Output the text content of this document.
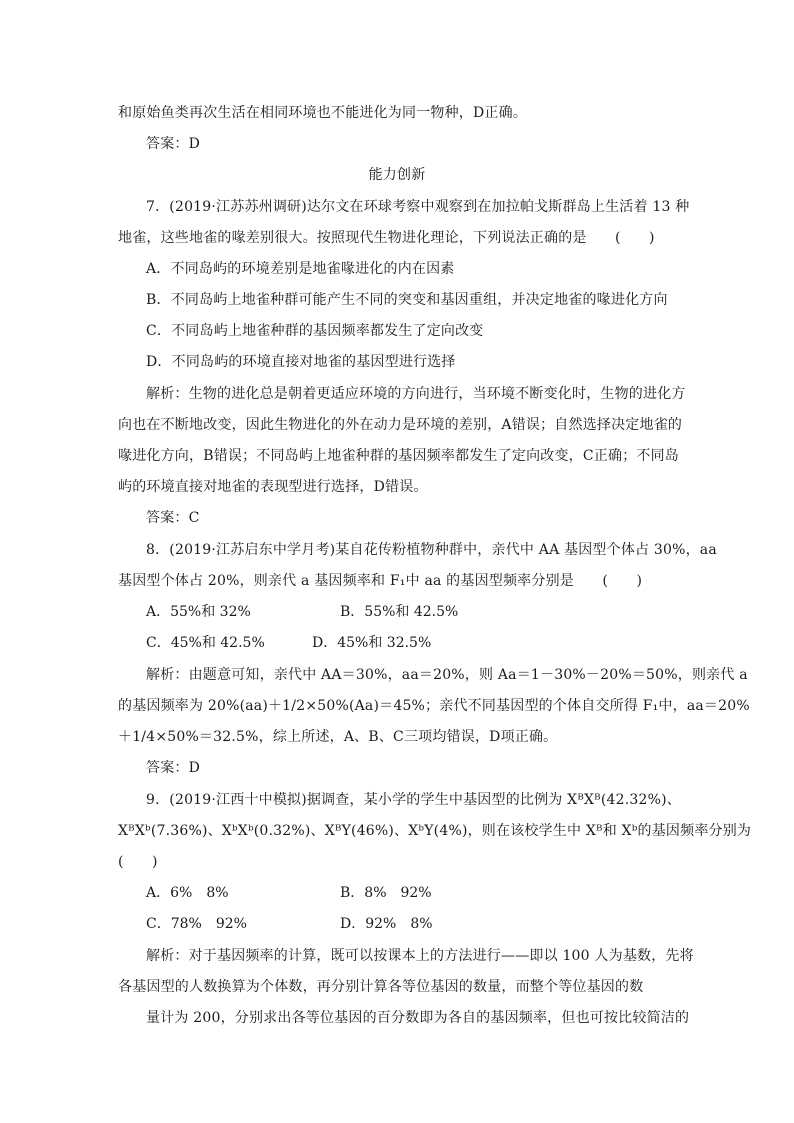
和原始鱼类再次生活在相同环境也不能进化为同一物种，D正确。
答案：D
能力创新
7．(2019·江苏苏州调研)达尔文在环球考察中观察到在加拉帕戈斯群岛上生活着 13 种
地雀，这些地雀的喙差别很大。按照现代生物进化理论，下列说法正确的是　　(　　)
A．不同岛屿的环境差别是地雀喙进化的内在因素
B．不同岛屿上地雀种群可能产生不同的突变和基因重组，并决定地雀的喙进化方向
C．不同岛屿上地雀种群的基因频率都发生了定向改变
D．不同岛屿的环境直接对地雀的基因型进行选择
解析：生物的进化总是朝着更适应环境的方向进行，当环境不断变化时，生物的进化方
向也在不断地改变，因此生物进化的外在动力是环境的差别，A错误；自然选择决定地雀的
喙进化方向，B错误；不同岛屿上地雀种群的基因频率都发生了定向改变，C正确；不同岛
屿的环境直接对地雀的表现型进行选择，D错误。
答案：C
8．(2019·江苏启东中学月考)某自花传粉植物种群中，亲代中 AA 基因型个体占 30%，aa
基因型个体占 20%，则亲代 a 基因频率和 F₁中 aa 的基因型频率分别是　　(　　)
A．55%和 32%	B．55%和 42.5%
C．45%和 42.5%	D．45%和 32.5%
解析：由题意可知，亲代中 AA＝30%，aa＝20%，则 Aa＝1－30%－20%＝50%，则亲代 a
的基因频率为 20%(aa)＋1/2×50%(Aa)＝45%；亲代不同基因型的个体自交所得 F₁中，aa＝20%
＋1/4×50%＝32.5%，综上所述，A、B、C三项均错误，D项正确。
答案：D
9．(2019·江西十中模拟)据调查，某小学的学生中基因型的比例为 XᴮXᴮ(42.32%)、
XᴮXᵇ(7.36%)、XᵇXᵇ(0.32%)、XᴮY(46%)、XᵇY(4%)，则在该校学生中 Xᴮ和 Xᵇ的基因频率分别为
(　　)
A．6%　8%	B．8%　92%
C．78%　92%	D．92%　8%
解析：对于基因频率的计算，既可以按课本上的方法进行——即以 100 人为基数，先将
各基因型的人数换算为个体数，再分别计算各等位基因的数量，而整个等位基因的数
量计为 200，分别求出各等位基因的百分数即为各自的基因频率，但也可按比较简洁的
